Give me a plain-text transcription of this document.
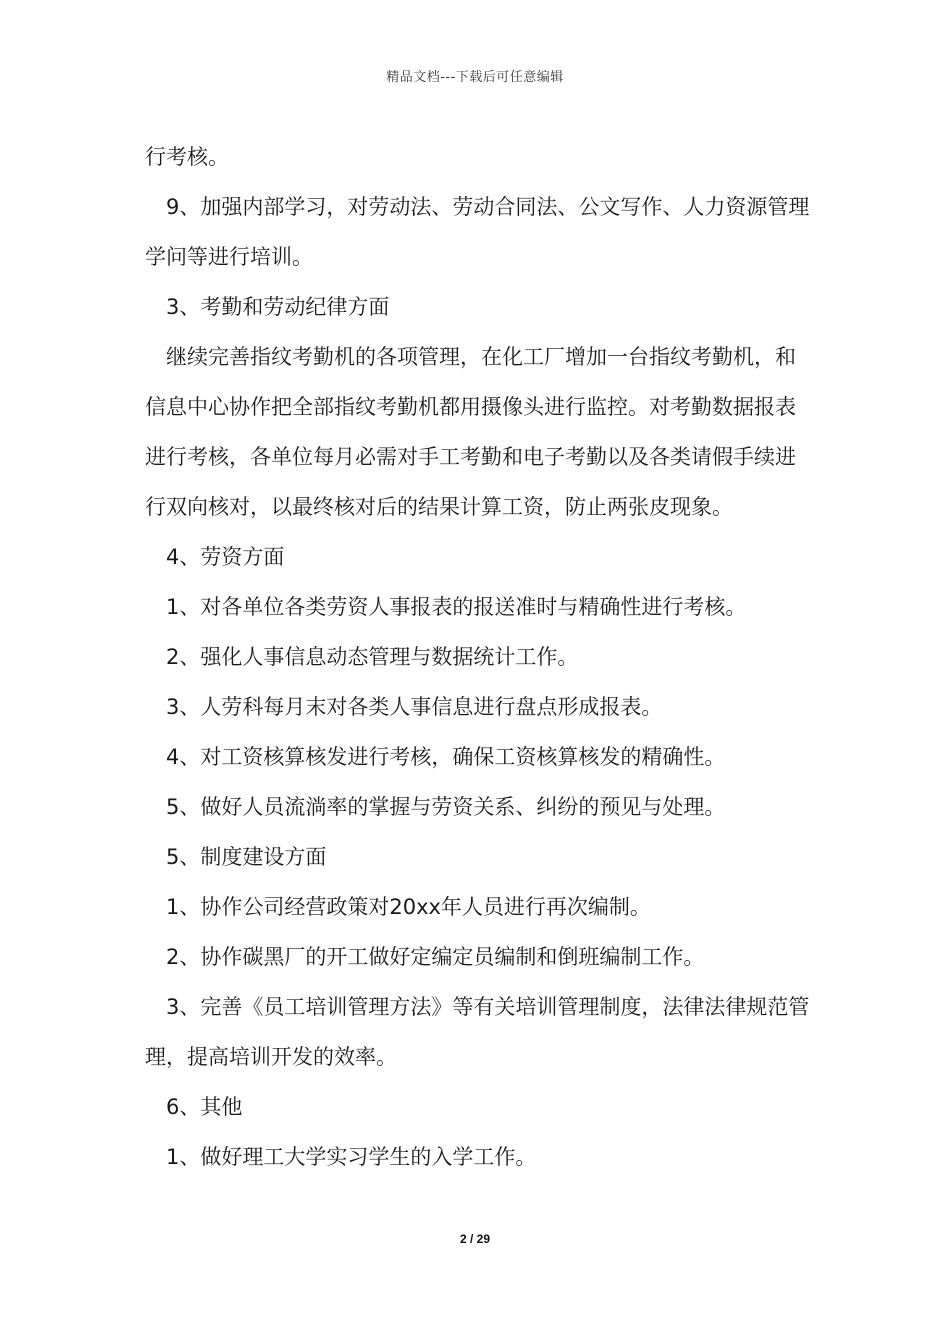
精品文档---下载后可任意编辑

行考核。

9、加强内部学习，对劳动法、劳动合同法、公文写作、人力资源管理学问等进行培训。

3、考勤和劳动纪律方面

继续完善指纹考勤机的各项管理，在化工厂增加一台指纹考勤机，和信息中心协作把全部指纹考勤机都用摄像头进行监控。对考勤数据报表进行考核，各单位每月必需对手工考勤和电子考勤以及各类请假手续进行双向核对，以最终核对后的结果计算工资，防止两张皮现象。

4、劳资方面

1、对各单位各类劳资人事报表的报送准时与精确性进行考核。

2、强化人事信息动态管理与数据统计工作。

3、人劳科每月末对各类人事信息进行盘点形成报表。

4、对工资核算核发进行考核，确保工资核算核发的精确性。

5、做好人员流淌率的掌握与劳资关系、纠纷的预见与处理。

5、制度建设方面

1、协作公司经营政策对20xx年人员进行再次编制。

2、协作碳黑厂的开工做好定编定员编制和倒班编制工作。

3、完善《员工培训管理方法》等有关培训管理制度，法律法律规范管理，提高培训开发的效率。

6、其他

1、做好理工大学实习学生的入学工作。

2 / 29
